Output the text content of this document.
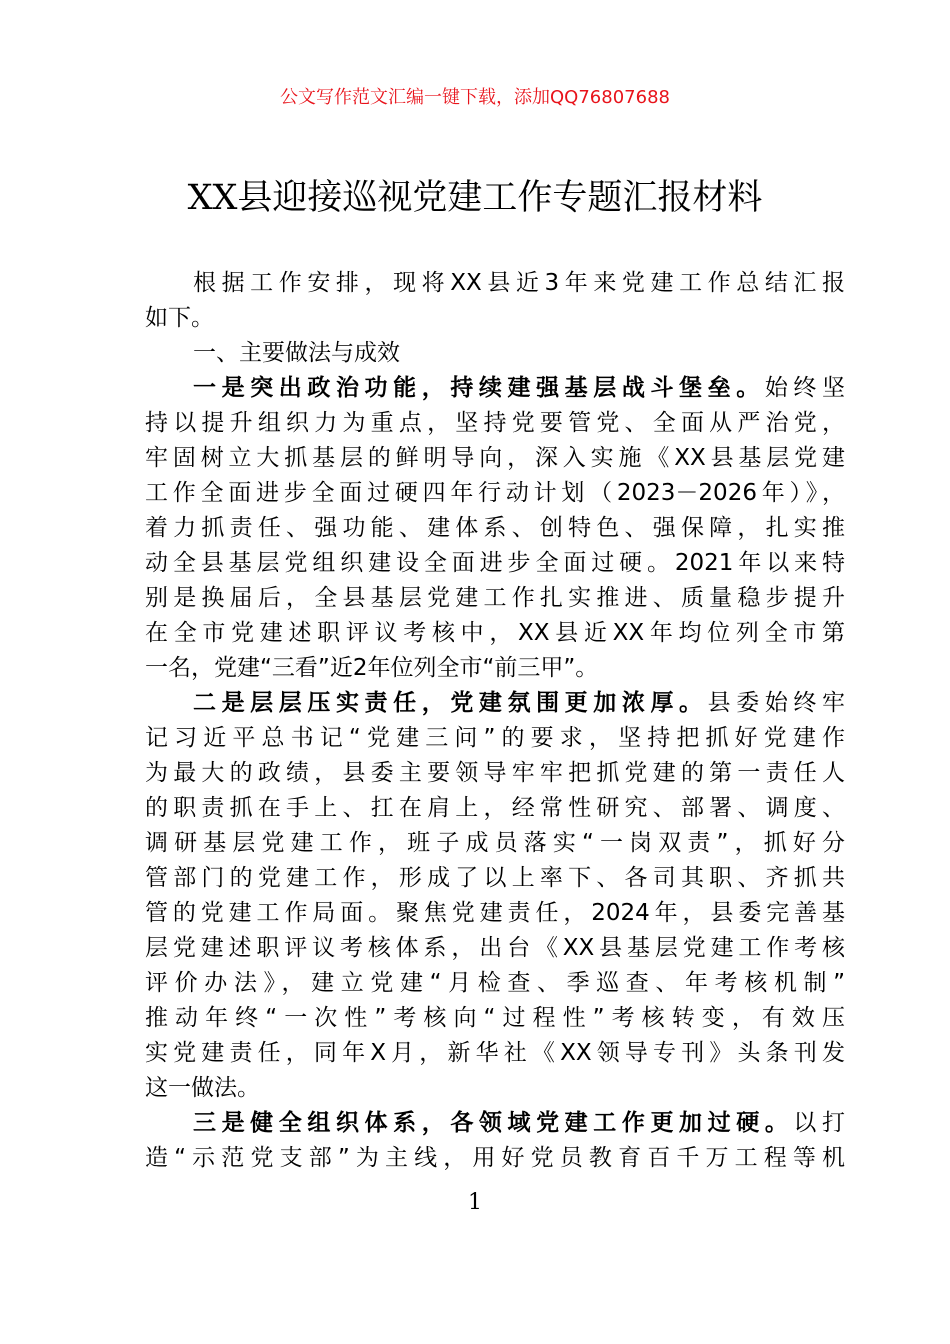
公文写作范文汇编一键下载，添加QQ76807688
XX县迎接巡视党建工作专题汇报材料
根据工作安排，现将XX县近3年来党建工作总结汇报
如下。
一、主要做法与成效
一是突出政治功能，持续建强基层战斗堡垒。始终坚
持以提升组织力为重点，坚持党要管党、全面从严治党，
牢固树立大抓基层的鲜明导向，深入实施《XX县基层党建
工作全面进步全面过硬四年行动计划（2023－2026年）》，
着力抓责任、强功能、建体系、创特色、强保障，扎实推
动全县基层党组织建设全面进步全面过硬。2021年以来特
别是换届后，全县基层党建工作扎实推进、质量稳步提升
在全市党建述职评议考核中，XX县近XX年均位列全市第
一名，党建“三看”近2年位列全市“前三甲”。
二是层层压实责任，党建氛围更加浓厚。县委始终牢
记习近平总书记“党建三问”的要求，坚持把抓好党建作
为最大的政绩，县委主要领导牢牢把抓党建的第一责任人
的职责抓在手上、扛在肩上，经常性研究、部署、调度、
调研基层党建工作，班子成员落实“一岗双责”，抓好分
管部门的党建工作，形成了以上率下、各司其职、齐抓共
管的党建工作局面。聚焦党建责任，2024年，县委完善基
层党建述职评议考核体系，出台《XX县基层党建工作考核
评价办法》，建立党建“月检查、季巡查、年考核机制”
推动年终“一次性”考核向“过程性”考核转变，有效压
实党建责任，同年X月，新华社《XX领导专刊》头条刊发
这一做法。
三是健全组织体系，各领域党建工作更加过硬。以打
造“示范党支部”为主线，用好党员教育百千万工程等机
1
